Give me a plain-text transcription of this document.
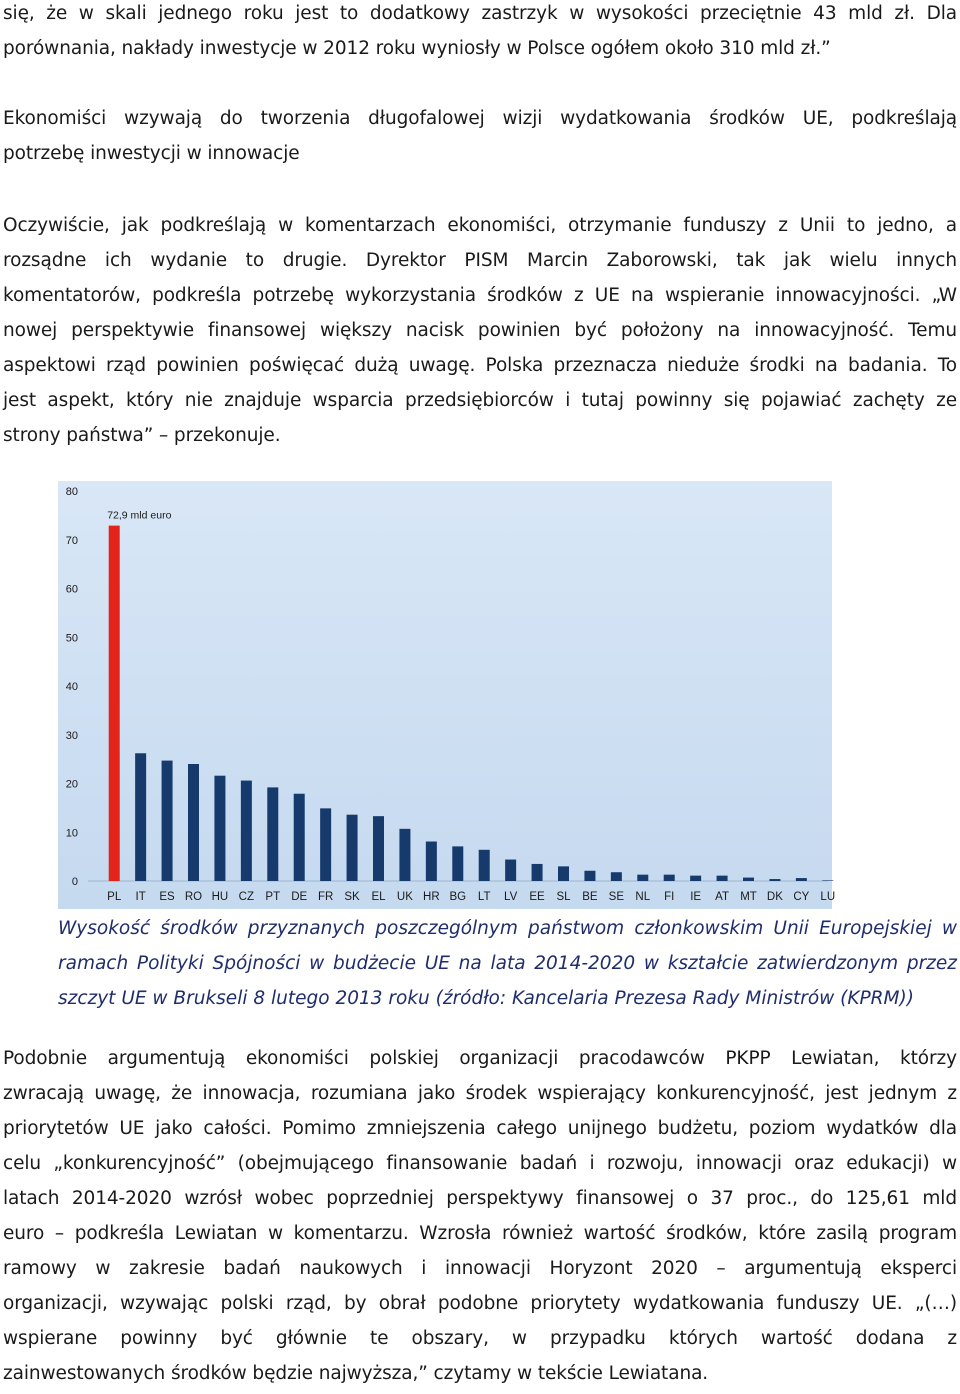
się, że w skali jednego roku jest to dodatkowy zastrzyk w wysokości przeciętnie 43 mld zł. Dla
porównania, nakłady inwestycje w 2012 roku wyniosły w Polsce ogółem około 310 mld zł.”
Ekonomiści wzywają do tworzenia długofalowej wizji wydatkowania środków UE, podkreślają
potrzebę inwestycji w innowacje
Oczywiście, jak podkreślają w komentarzach ekonomiści, otrzymanie funduszy z Unii to jedno, a
rozsądne ich wydanie to drugie. Dyrektor PISM Marcin Zaborowski, tak jak wielu innych
komentatorów, podkreśla potrzebę wykorzystania środków z UE na wspieranie innowacyjności. „W
nowej perspektywie finansowej większy nacisk powinien być położony na innowacyjność. Temu
aspektowi rząd powinien poświęcać dużą uwagę. Polska przeznacza nieduże środki na badania. To
jest aspekt, który nie znajduje wsparcia przedsiębiorców i tutaj powinny się pojawiać zachęty ze
strony państwa” – przekonuje.
0
10
20
30
40
50
60
70
80
PL IT ES RO HU CZ PT DE FR SK EL UK HR BG LT LV EE SL BE SE NL FI IE AT MT DK CY LU
72,9 mld euro
Wysokość środków przyznanych poszczególnym państwom członkowskim Unii Europejskiej w
ramach Polityki Spójności w budżecie UE na lata 2014-2020 w kształcie zatwierdzonym przez
szczyt UE w Brukseli 8 lutego 2013 roku (źródło: Kancelaria Prezesa Rady Ministrów (KPRM))
Podobnie argumentują ekonomiści polskiej organizacji pracodawców PKPP Lewiatan, którzy
zwracają uwagę, że innowacja, rozumiana jako środek wspierający konkurencyjność, jest jednym z
priorytetów UE jako całości. Pomimo zmniejszenia całego unijnego budżetu, poziom wydatków dla
celu „konkurencyjność” (obejmującego finansowanie badań i rozwoju, innowacji oraz edukacji) w
latach 2014-2020 wzrósł wobec poprzedniej perspektywy finansowej o 37 proc., do 125,61 mld
euro – podkreśla Lewiatan w komentarzu. Wzrosła również wartość środków, które zasilą program
ramowy w zakresie badań naukowych i innowacji Horyzont 2020 – argumentują eksperci
organizacji, wzywając polski rząd, by obrał podobne priorytety wydatkowania funduszy UE. „(…)
wspierane powinny być głównie te obszary, w przypadku których wartość dodana z
zainwestowanych środków będzie najwyższa,” czytamy w tekście Lewiatana.
